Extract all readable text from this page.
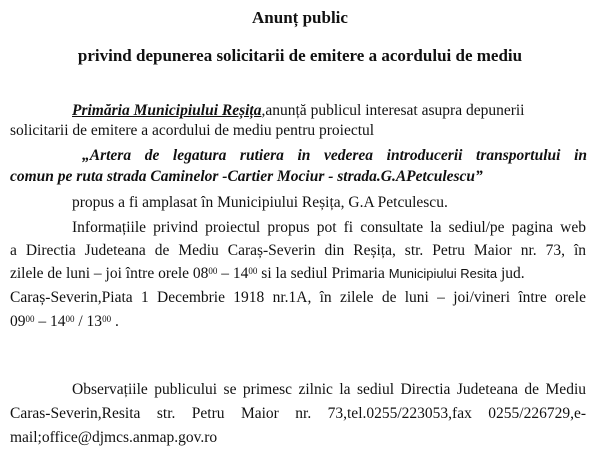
Anunț public
privind depunerea solicitarii de emitere a acordului de mediu
Primăria Municipiului Reșița,anunță publicul interesat asupra depunerii
solicitarii de emitere a acordului de mediu pentru proiectul
„Artera de legatura rutiera in vederea introducerii transportului in
comun pe ruta strada Caminelor -Cartier Mociur - strada.G.APetculescu”
propus a fi amplasat în Municipiului Reșița, G.A Petculescu.
Informațiile privind proiectul propus pot fi consultate la sediul/pe pagina web
a Directia Judeteana de Mediu Caraș-Severin din Reșița, str. Petru Maior nr. 73, în
zilele de luni – joi între orele $08^{00} - 14^{00}$ si la sediul Primaria Municipiului Resita jud.
Caraș-Severin,Piata 1 Decembrie 1918 nr.1A, în zilele de luni – joi/vineri între orele
$09^{00} - 14^{00} / 13^{00}$ .
Observațiile publicului se primesc zilnic la sediul Directia Judeteana de Mediu
Caras-Severin,Resita str. Petru Maior nr. 73,tel.0255/223053,fax 0255/226729,e-
mail;office@djmcs.anmap.gov.ro
